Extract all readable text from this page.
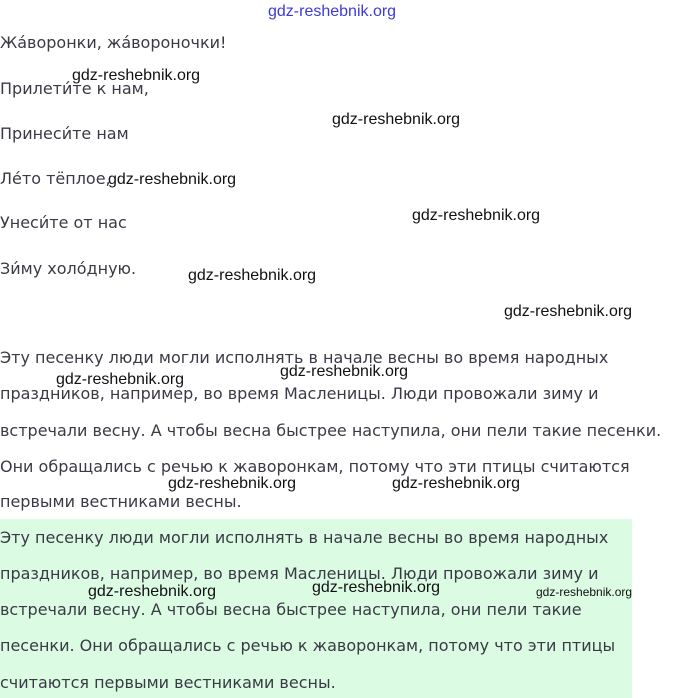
Жа́воронки, жа́вороночки!

Прилети́те к нам,

Принеси́те нам

Ле́то тёплое,

Унеси́те от нас

Зи́му холо́дную.

Эту песенку люди могли исполнять в начале весны во время народных

праздников, например, во время Масленицы. Люди провожали зиму и

встречали весну. А чтобы весна быстрее наступила, они пели такие песенки.

Они обращались с речью к жаворонкам, потому что эти птицы считаются

первыми вестниками весны.

Эту песенку люди могли исполнять в начале весны во время народных

праздников, например, во время Масленицы. Люди провожали зиму и

встречали весну. А чтобы весна быстрее наступила, они пели такие

песенки. Они обращались с речью к жаворонкам, потому что эти птицы

считаются первыми вестниками весны.

gdz-reshebnik.org
gdz-reshebnik.org
gdz-reshebnik.org
gdz-reshebnik.org
gdz-reshebnik.org
gdz-reshebnik.org
gdz-reshebnik.org
gdz-reshebnik.org	gdz-reshebnik.org
gdz-reshebnik.org	gdz-reshebnik.org
gdz-reshebnik.org	gdz-reshebnik.org	gdz-reshebnik.org
